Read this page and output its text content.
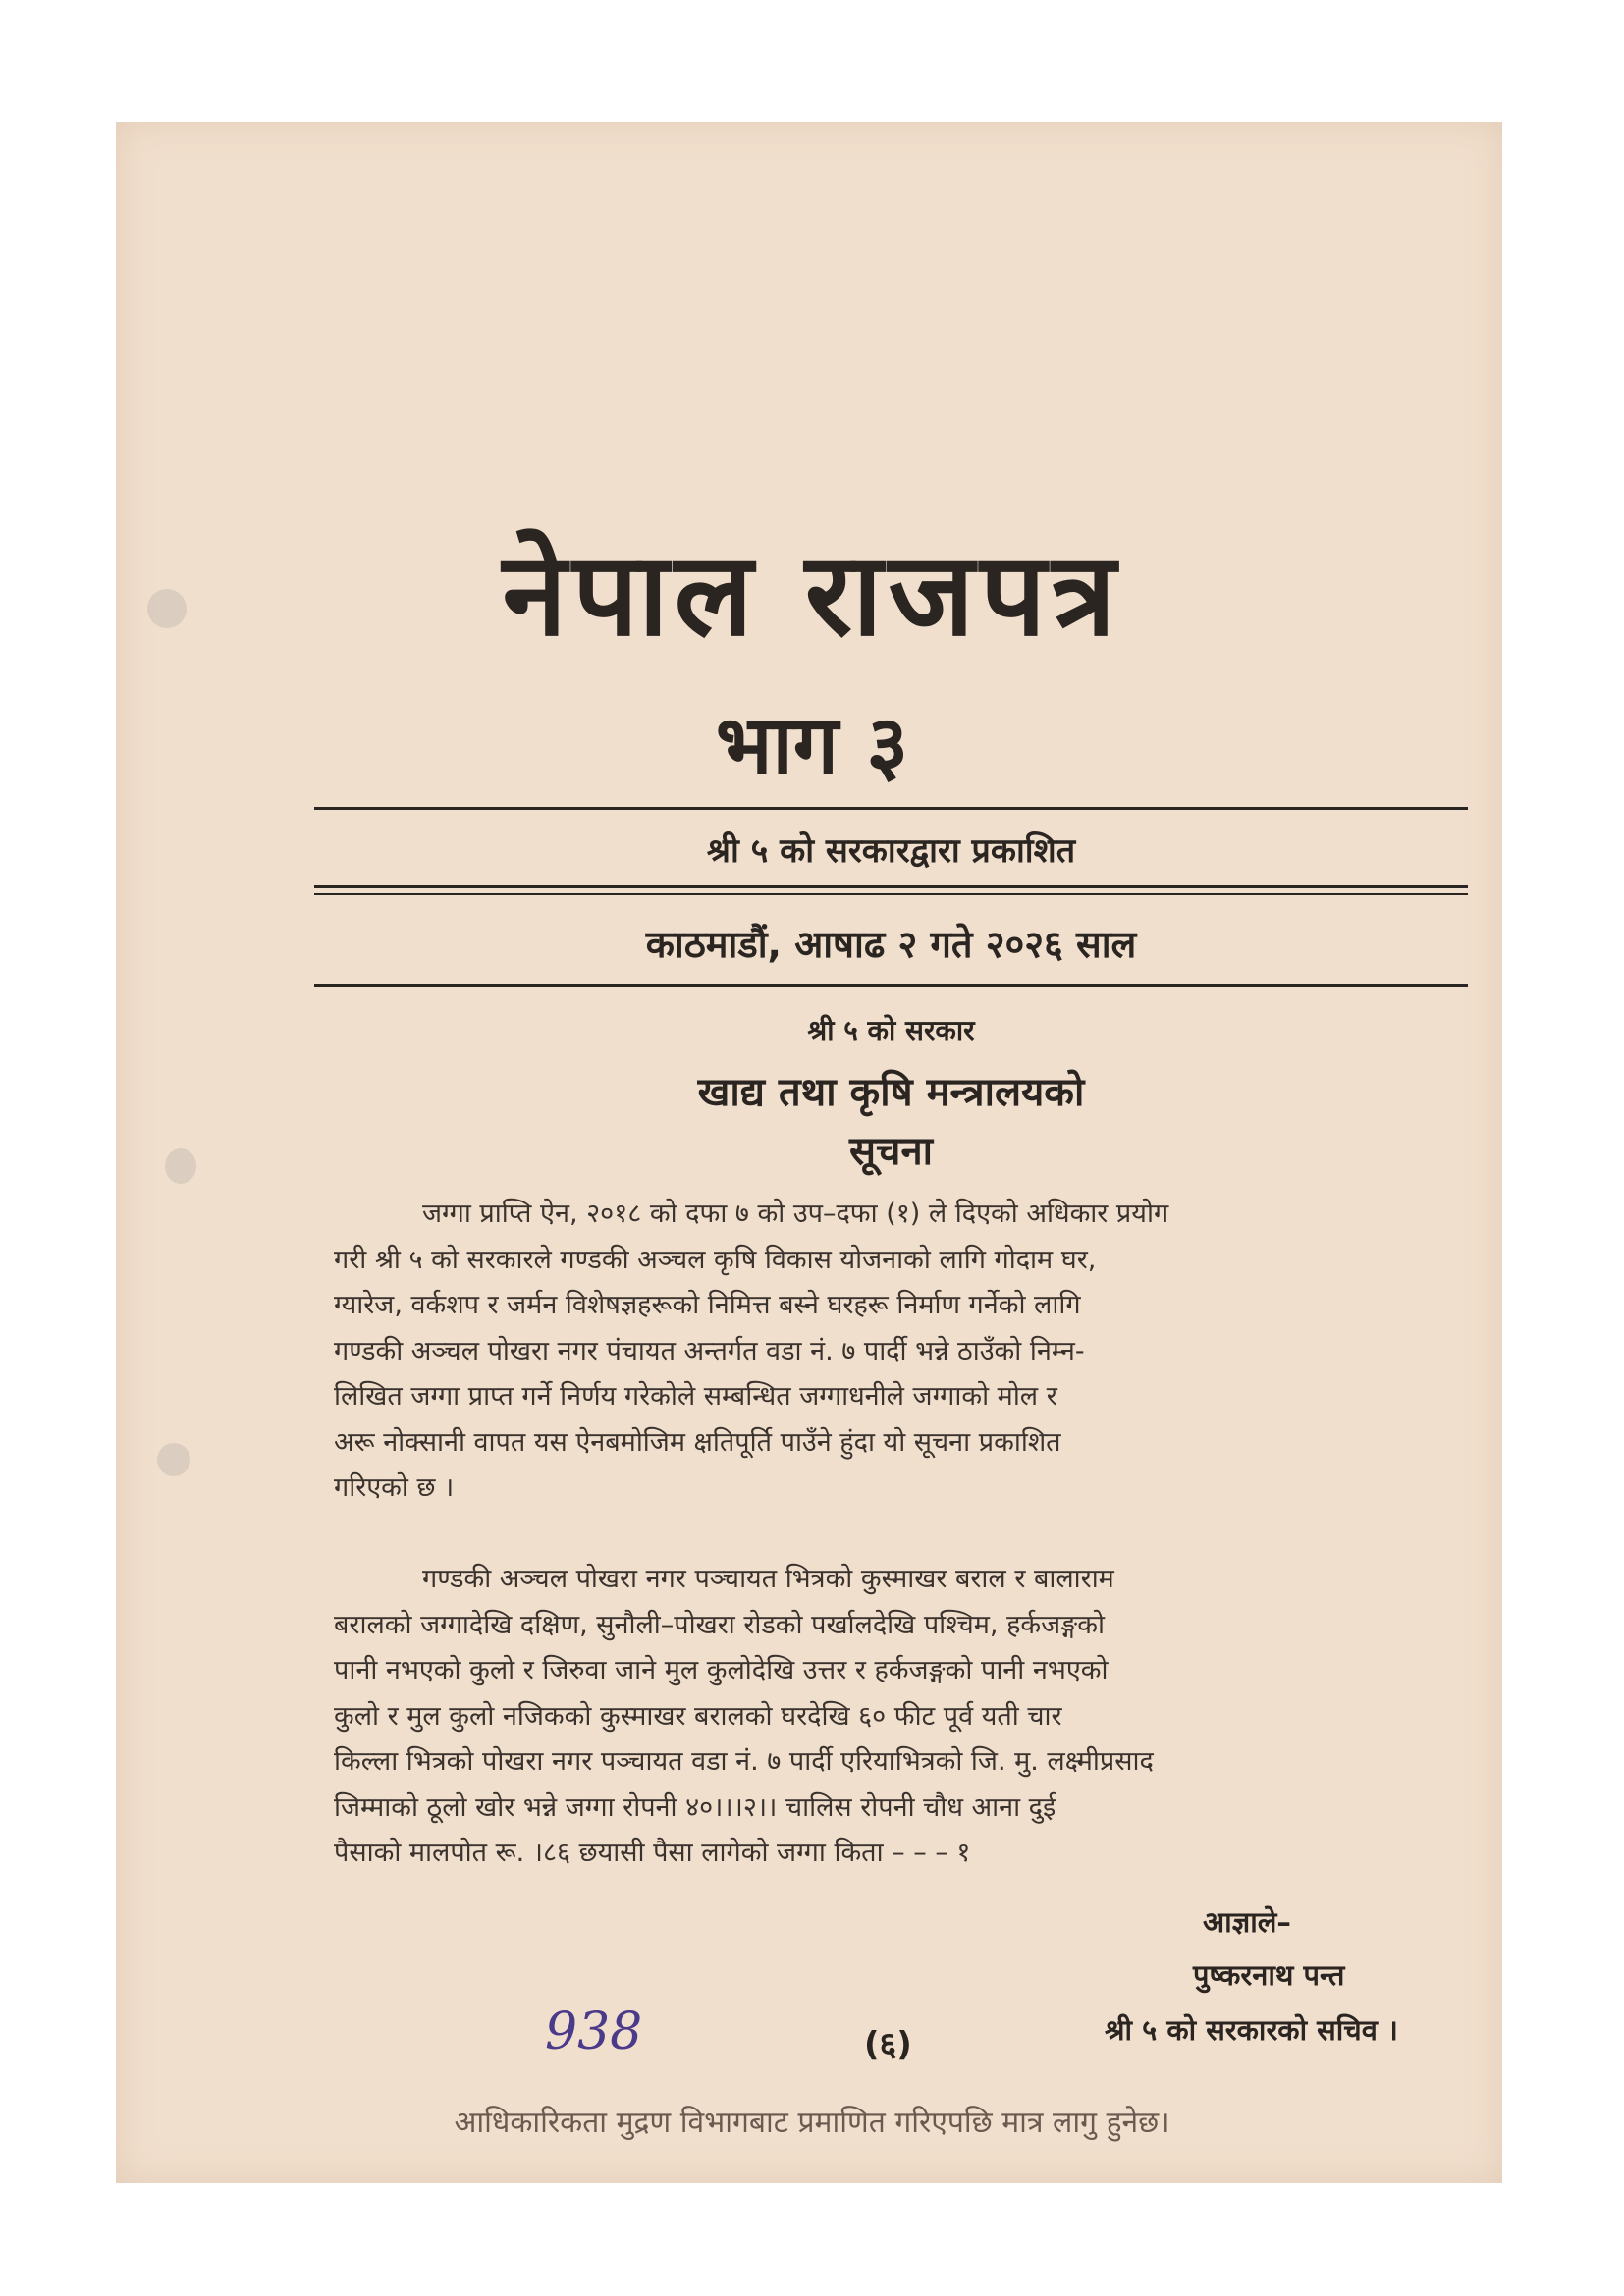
नेपाल राजपत्र
भाग ३
श्री ५ को सरकारद्वारा प्रकाशित
काठमाडौं, आषाढ २ गते २०२६ साल
श्री ५ को सरकार
खाद्य तथा कृषि मन्त्रालयको
सूचना
जग्गा प्राप्ति ऐन, २०१८ को दफा ७ को उप–दफा (१) ले दिएको अधिकार प्रयोग
गरी श्री ५ को सरकारले गण्डकी अञ्चल कृषि विकास योजनाको लागि गोदाम घर,
ग्यारेज, वर्कशप र जर्मन विशेषज्ञहरूको निमित्त बस्ने घरहरू निर्माण गर्नेको लागि
गण्डकी अञ्चल पोखरा नगर पंचायत अन्तर्गत वडा नं. ७ पार्दी भन्ने ठाउँको निम्न-
लिखित जग्गा प्राप्त गर्ने निर्णय गरेकोले सम्बन्धित जग्गाधनीले जग्गाको मोल र
अरू नोक्सानी वापत यस ऐनबमोजिम क्षतिपूर्ति पाउँने हुंदा यो सूचना प्रकाशित
गरिएको छ ।
गण्डकी अञ्चल पोखरा नगर पञ्चायत भित्रको कुस्माखर बराल र बालाराम
बरालको जग्गादेखि दक्षिण, सुनौली–पोखरा रोडको पर्खालदेखि पश्चिम, हर्कजङ्गको
पानी नभएको कुलो र जिरुवा जाने मुल कुलोदेखि उत्तर र हर्कजङ्गको पानी नभएको
कुलो र मुल कुलो नजिकको कुस्माखर बरालको घरदेखि ६० फीट पूर्व यती चार
किल्ला भित्रको पोखरा नगर पञ्चायत वडा नं. ७ पार्दी एरियाभित्रको जि. मु. लक्ष्मीप्रसाद
जिम्माको ठूलो खोर भन्ने जग्गा रोपनी ४०।।।२।। चालिस रोपनी चौध आना दुई
पैसाको मालपोत रू. ।८६ छयासी पैसा लागेको जग्गा किता – – – १
आज्ञाले–
पुष्करनाथ पन्त
श्री ५ को सरकारको सचिव ।
938	(६)
आधिकारिकता मुद्रण विभागबाट प्रमाणित गरिएपछि मात्र लागु हुनेछ।
